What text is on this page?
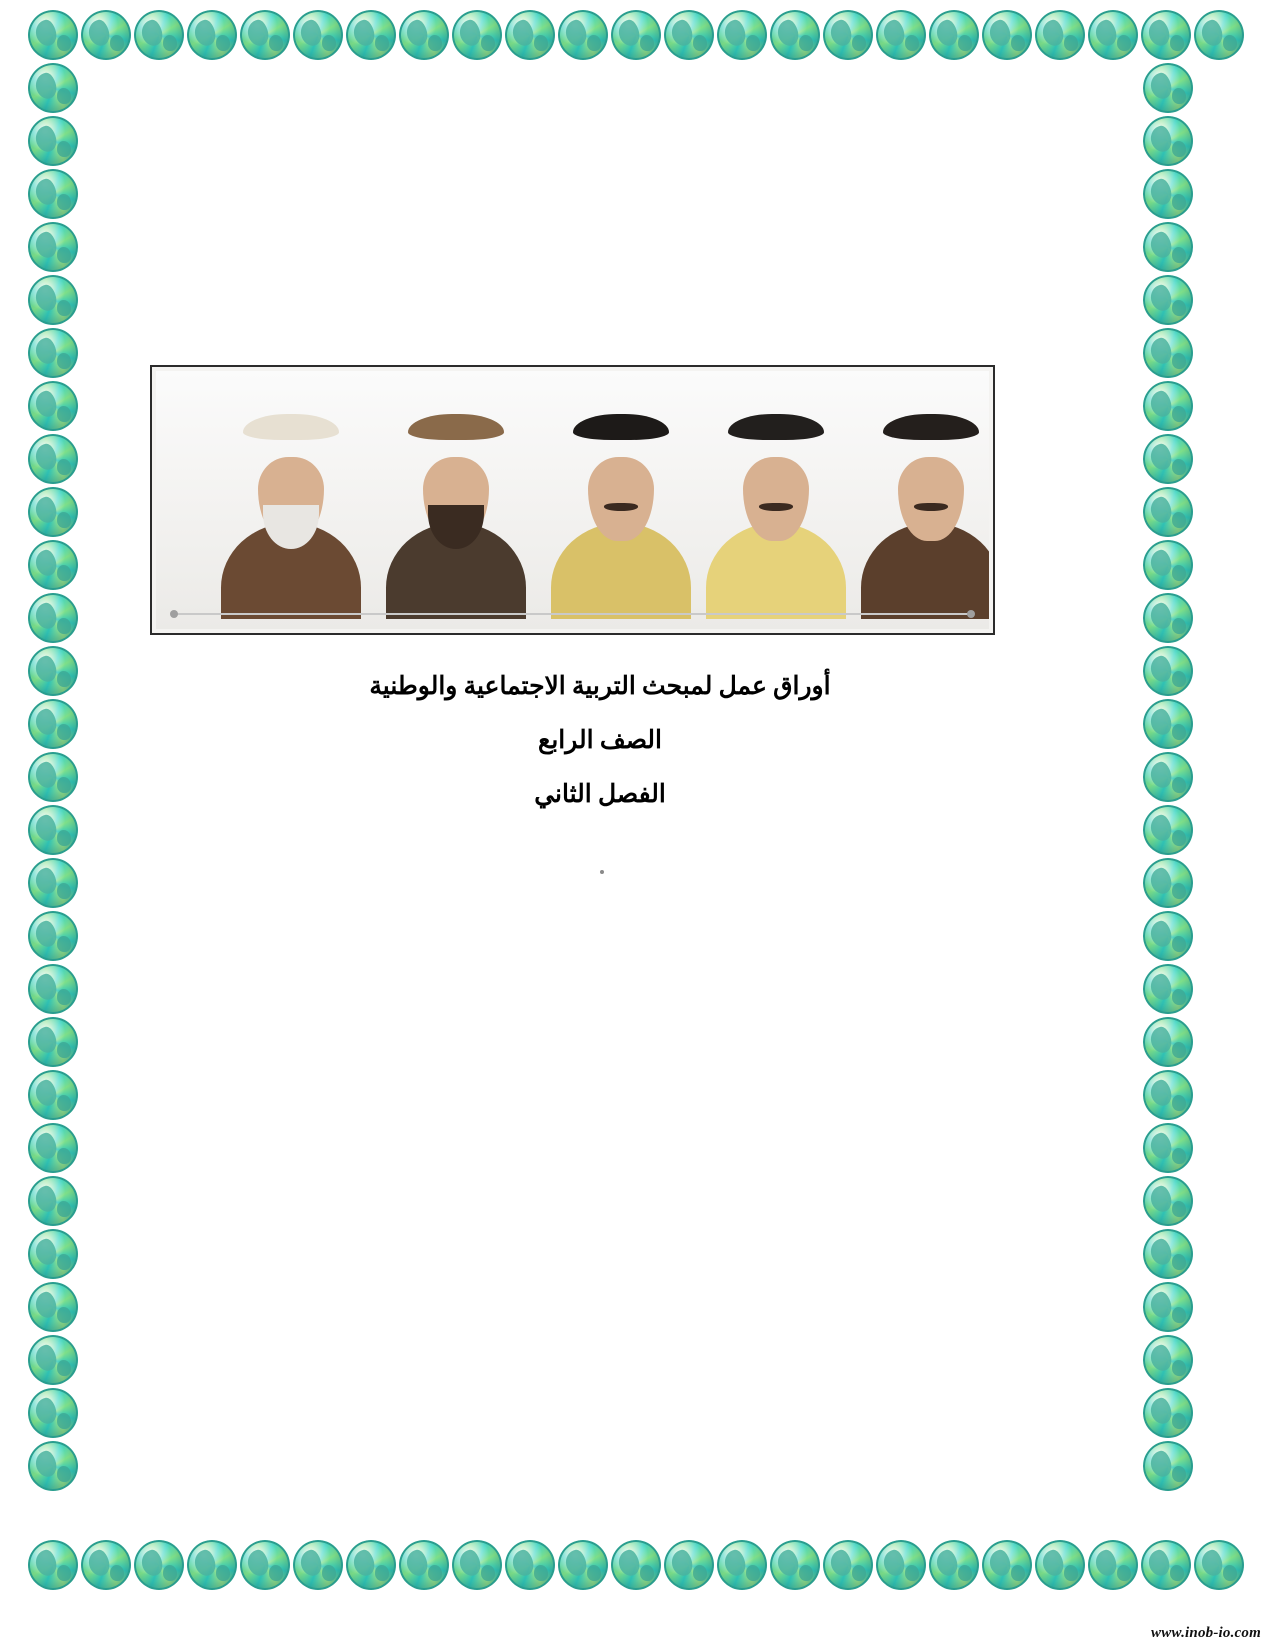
أوراق عمل لمبحث التربية الاجتماعية والوطنية
الصف الرابع
الفصل الثاني
www.inob-io.com
